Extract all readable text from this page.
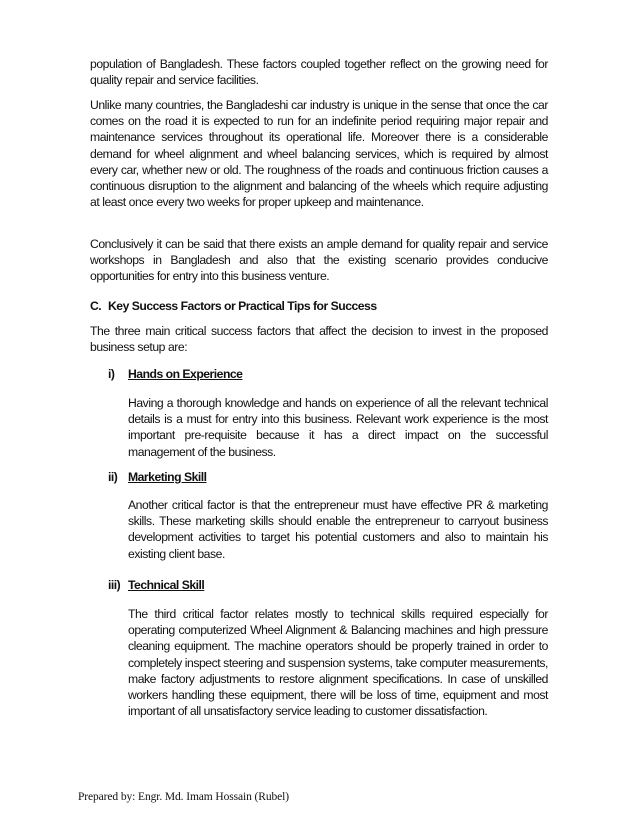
population of Bangladesh. These factors coupled together reflect on the growing need for quality repair and service facilities.

Unlike many countries, the Bangladeshi car industry is unique in the sense that once the car comes on the road it is expected to run for an indefinite period requiring major repair and maintenance services throughout its operational life. Moreover there is a considerable demand for wheel alignment and wheel balancing services, which is required by almost every car, whether new or old. The roughness of the roads and continuous friction causes a continuous disruption to the alignment and balancing of the wheels which require adjusting at least once every two weeks for proper upkeep and maintenance.

Conclusively it can be said that there exists an ample demand for quality repair and service workshops in Bangladesh and also that the existing scenario provides conducive opportunities for entry into this business venture.

C. Key Success Factors or Practical Tips for Success

The three main critical success factors that affect the decision to invest in the proposed business setup are:

i) Hands on Experience

Having a thorough knowledge and hands on experience of all the relevant technical details is a must for entry into this business. Relevant work experience is the most important pre-requisite because it has a direct impact on the successful management of the business.

ii) Marketing Skill

Another critical factor is that the entrepreneur must have effective PR & marketing skills. These marketing skills should enable the entrepreneur to carryout business development activities to target his potential customers and also to maintain his existing client base.

iii) Technical Skill

The third critical factor relates mostly to technical skills required especially for operating computerized Wheel Alignment & Balancing machines and high pressure cleaning equipment. The machine operators should be properly trained in order to completely inspect steering and suspension systems, take computer measurements, make factory adjustments to restore alignment specifications. In case of unskilled workers handling these equipment, there will be loss of time, equipment and most important of all unsatisfactory service leading to customer dissatisfaction.

Prepared by: Engr. Md. Imam Hossain (Rubel)
